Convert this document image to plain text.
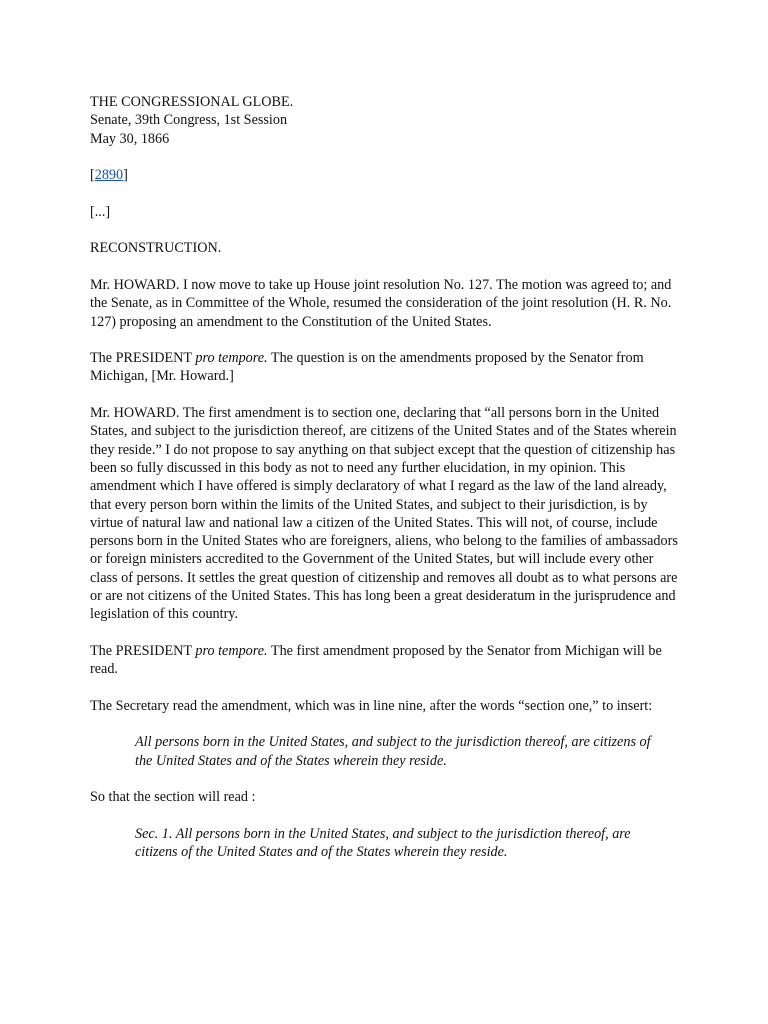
THE CONGRESSIONAL GLOBE.

Senate, 39th Congress, 1st Session

May 30, 1866

[2890]

[...]

RECONSTRUCTION.

Mr. HOWARD. I now move to take up House joint resolution No. 127. The motion was agreed to; and the Senate, as in Committee of the Whole, resumed the consideration of the joint resolution (H. R. No. 127) proposing an amendment to the Constitution of the United States.

The PRESIDENT pro tempore. The question is on the amendments proposed by the Senator from Michigan, [Mr. Howard.]

Mr. HOWARD. The first amendment is to section one, declaring that “all persons born in the United States, and subject to the jurisdiction thereof, are citizens of the United States and of the States wherein they reside.” I do not propose to say anything on that subject except that the question of citizenship has been so fully discussed in this body as not to need any further elucidation, in my opinion. This amendment which I have offered is simply declaratory of what I regard as the law of the land already, that every person born within the limits of the United States, and subject to their jurisdiction, is by virtue of natural law and national law a citizen of the United States. This will not, of course, include persons born in the United States who are foreigners, aliens, who belong to the families of ambassadors or foreign ministers accredited to the Government of the United States, but will include every other class of persons. It settles the great question of citizenship and removes all doubt as to what persons are or are not citizens of the United States. This has long been a great desideratum in the jurisprudence and legislation of this country.

The PRESIDENT pro tempore. The first amendment proposed by the Senator from Michigan will be read.

The Secretary read the amendment, which was in line nine, after the words “section one,” to insert:

All persons born in the United States, and subject to the jurisdiction thereof, are citizens of the United States and of the States wherein they reside.

So that the section will read :

Sec. 1. All persons born in the United States, and subject to the jurisdiction thereof, are citizens of the United States and of the States wherein they reside.
